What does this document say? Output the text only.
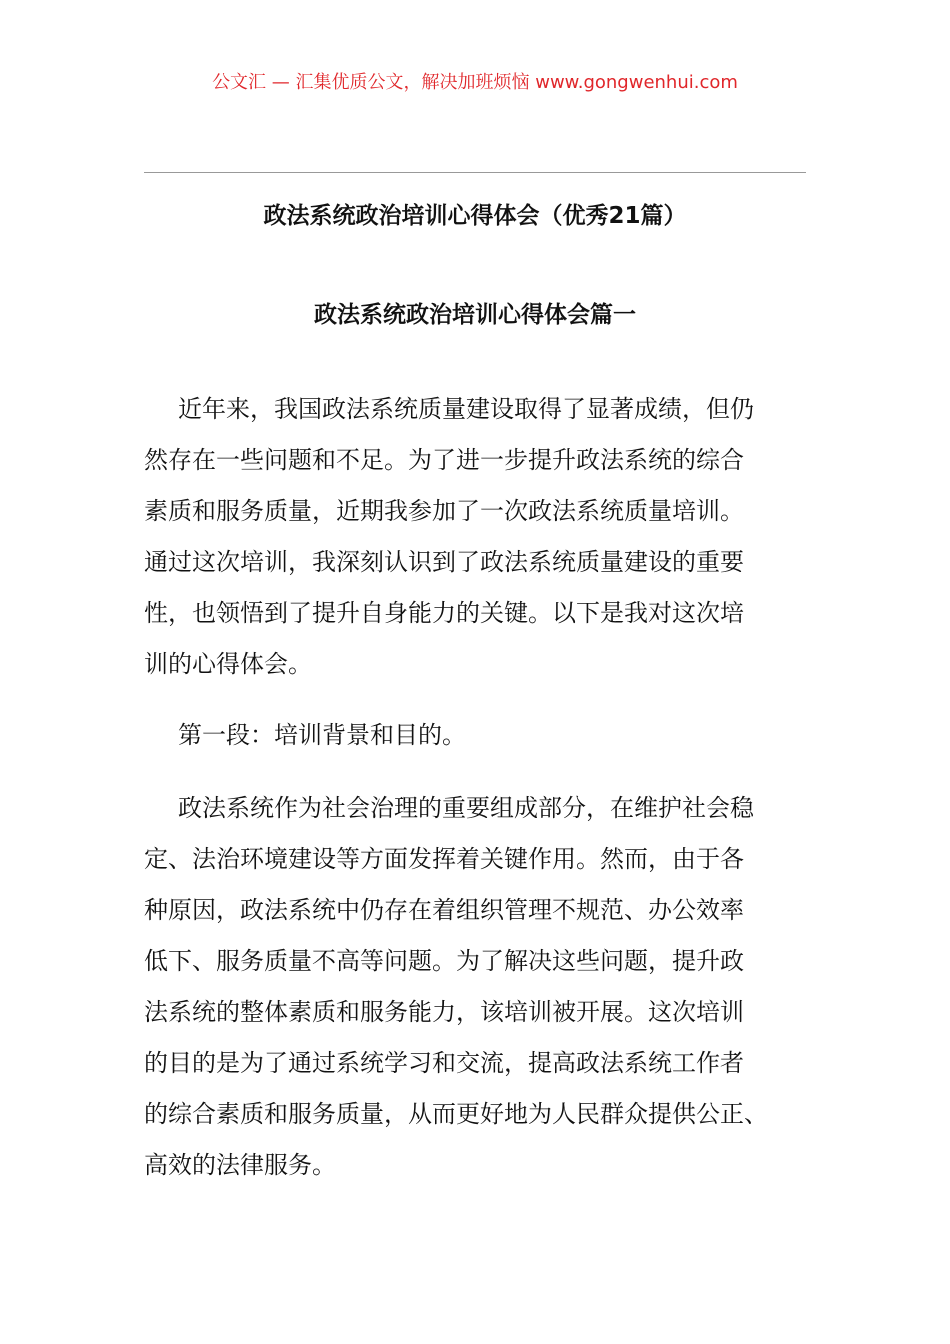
公文汇 — 汇集优质公文，解决加班烦恼 www.gongwenhui.com
政法系统政治培训心得体会（优秀21篇）
政法系统政治培训心得体会篇一
近年来，我国政法系统质量建设取得了显著成绩，但仍
然存在一些问题和不足。为了进一步提升政法系统的综合
素质和服务质量，近期我参加了一次政法系统质量培训。
通过这次培训，我深刻认识到了政法系统质量建设的重要
性，也领悟到了提升自身能力的关键。以下是我对这次培
训的心得体会。
第一段：培训背景和目的。
政法系统作为社会治理的重要组成部分，在维护社会稳
定、法治环境建设等方面发挥着关键作用。然而，由于各
种原因，政法系统中仍存在着组织管理不规范、办公效率
低下、服务质量不高等问题。为了解决这些问题，提升政
法系统的整体素质和服务能力，该培训被开展。这次培训
的目的是为了通过系统学习和交流，提高政法系统工作者
的综合素质和服务质量，从而更好地为人民群众提供公正、
高效的法律服务。
